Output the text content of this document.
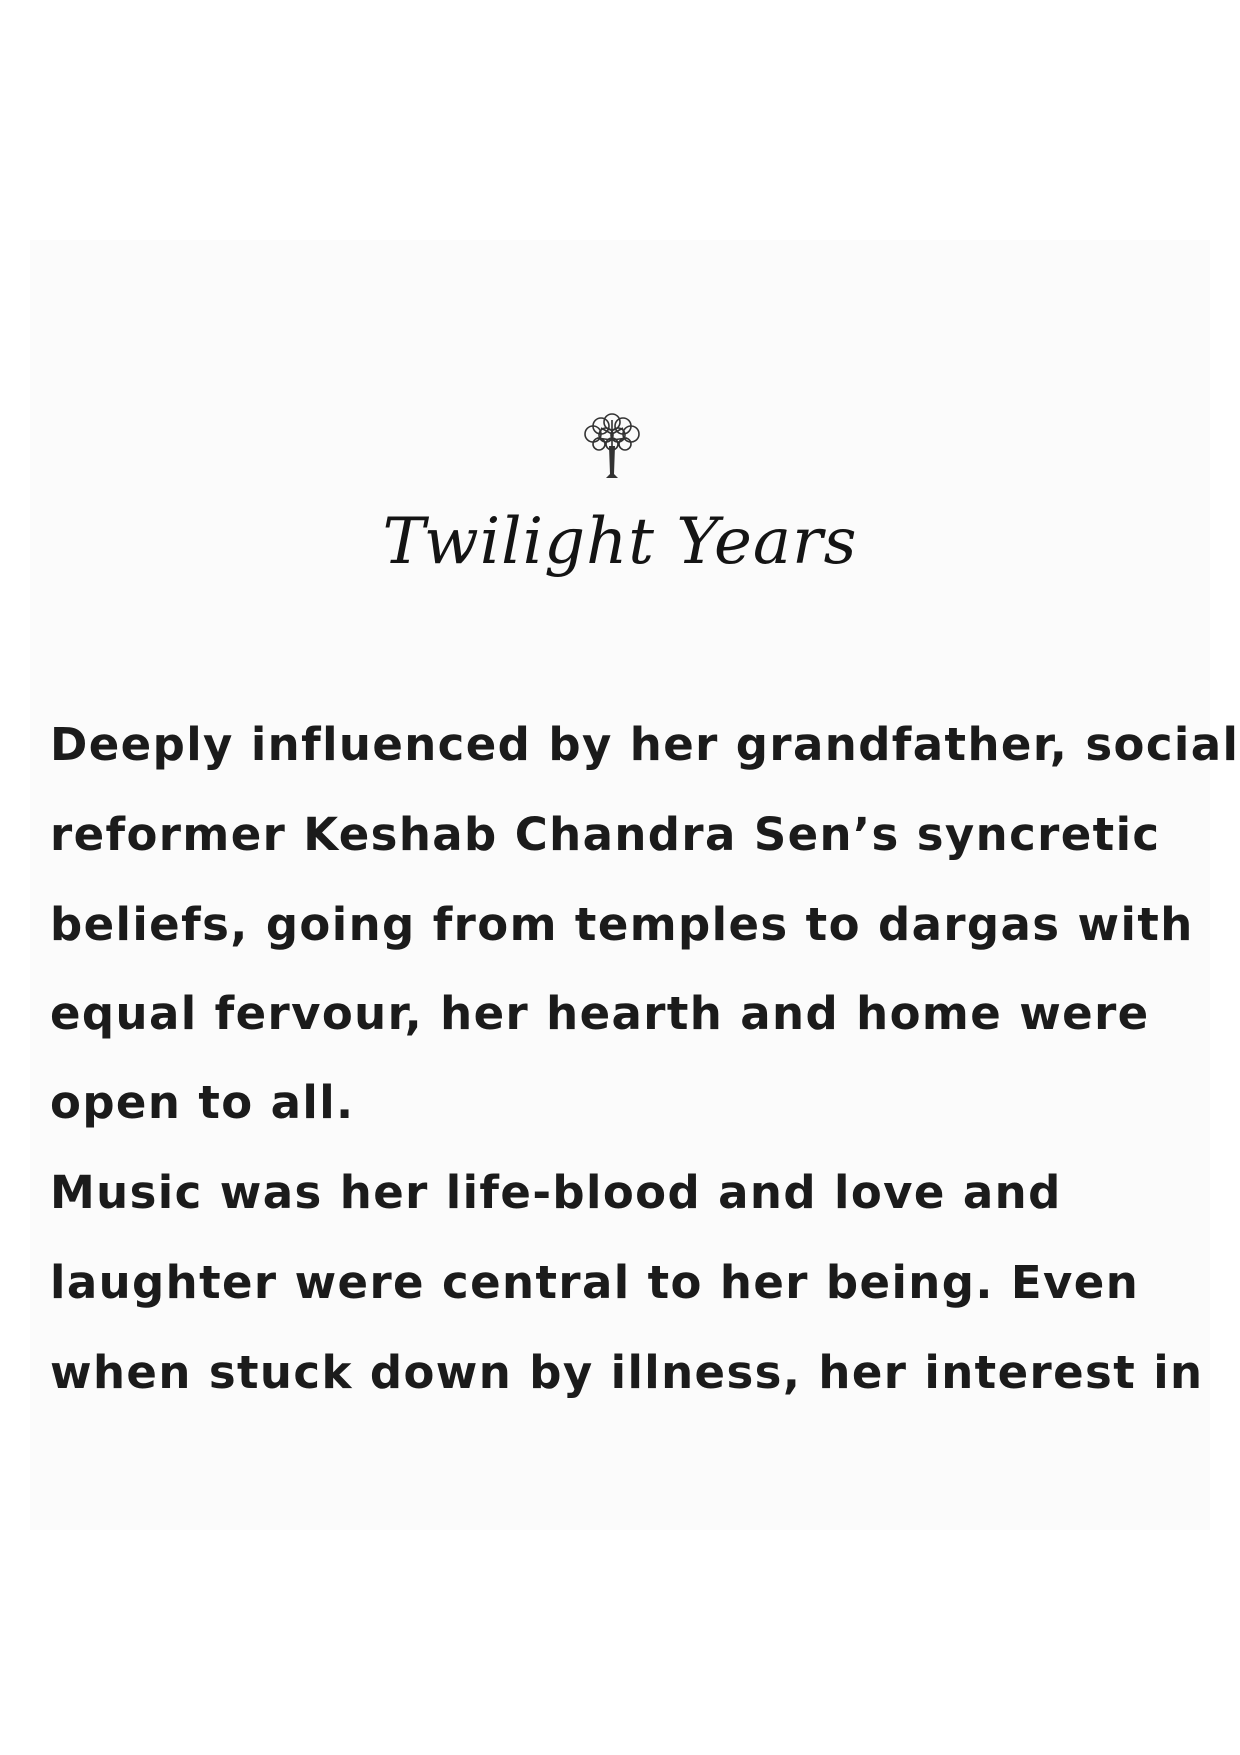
Twilight Years

Deeply influenced by her grandfather, social

reformer Keshab Chandra Sen’s syncretic

beliefs, going from temples to dargas with

equal fervour, her hearth and home were

open to all.

Music was her life-blood and love and

laughter were central to her being. Even

when stuck down by illness, her interest in
